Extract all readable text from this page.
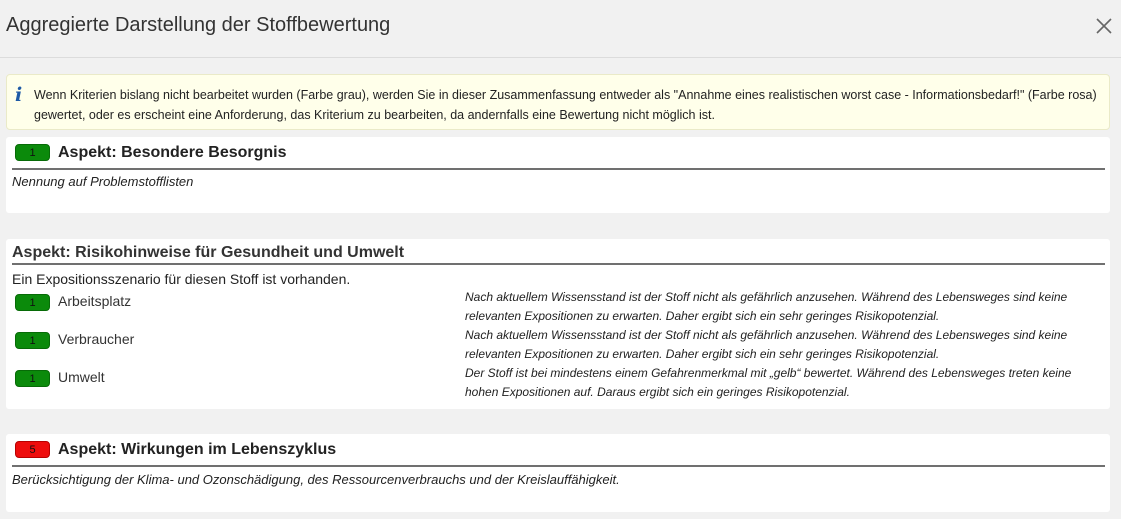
Aggregierte Darstellung der Stoffbewertung
i Wenn Kriterien bislang nicht bearbeitet wurden (Farbe grau), werden Sie in dieser Zusammenfassung entweder als "Annahme eines realistischen worst case - Informationsbedarf!" (Farbe rosa) gewertet, oder es erscheint eine Anforderung, das Kriterium zu bearbeiten, da andernfalls eine Bewertung nicht möglich ist.
1	Aspekt: Besondere Besorgnis
Nennung auf Problemstofflisten
Aspekt: Risikohinweise für Gesundheit und Umwelt
Ein Expositionsszenario für diesen Stoff ist vorhanden.
1	Arbeitsplatz	Nach aktuellem Wissensstand ist der Stoff nicht als gefährlich anzusehen. Während des Lebensweges sind keine relevanten Expositionen zu erwarten. Daher ergibt sich ein sehr geringes Risikopotenzial.
1	Verbraucher	Nach aktuellem Wissensstand ist der Stoff nicht als gefährlich anzusehen. Während des Lebensweges sind keine relevanten Expositionen zu erwarten. Daher ergibt sich ein sehr geringes Risikopotenzial.
1	Umwelt	Der Stoff ist bei mindestens einem Gefahrenmerkmal mit „gelb“ bewertet. Während des Lebensweges treten keine hohen Expositionen auf. Daraus ergibt sich ein geringes Risikopotenzial.
5	Aspekt: Wirkungen im Lebenszyklus
Berücksichtigung der Klima- und Ozonschädigung, des Ressourcenverbrauchs und der Kreislauffähigkeit.
